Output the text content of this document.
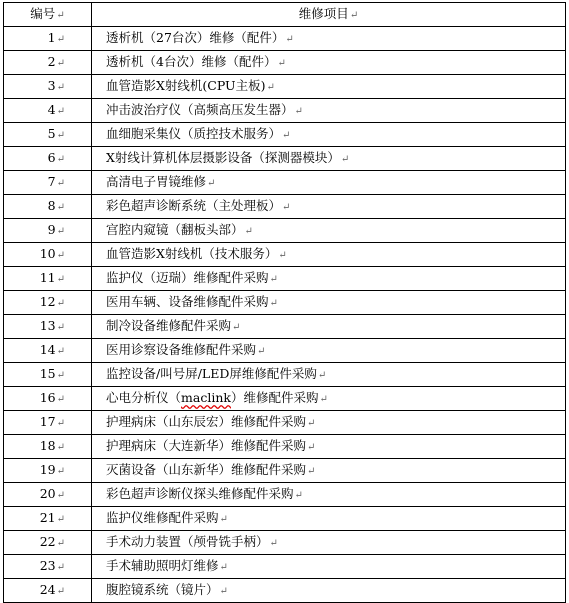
编号↵	维修项目↵
1↵	透析机（27台次）维修（配件）↵
2↵	透析机（4台次）维修（配件）↵
3↵	血管造影X射线机(CPU主板)↵
4↵	冲击波治疗仪（高频高压发生器）↵
5↵	血细胞采集仪（质控技术服务）↵
6↵	X射线计算机体层摄影设备（探测器模块）↵
7↵	高清电子胃镜维修↵
8↵	彩色超声诊断系统（主处理板）↵
9↵	宫腔内窥镜（翻板头部）↵
10↵	血管造影X射线机（技术服务）↵
11↵	监护仪（迈瑞）维修配件采购↵
12↵	医用车辆、设备维修配件采购↵
13↵	制冷设备维修配件采购↵
14↵	医用诊察设备维修配件采购↵
15↵	监控设备/叫号屏/LED屏维修配件采购↵
16↵	心电分析仪（maclink）维修配件采购↵
17↵	护理病床（山东辰宏）维修配件采购↵
18↵	护理病床（大连新华）维修配件采购↵
19↵	灭菌设备（山东新华）维修配件采购↵
20↵	彩色超声诊断仪探头维修配件采购↵
21↵	监护仪维修配件采购↵
22↵	手术动力装置（颅骨铣手柄）↵
23↵	手术辅助照明灯维修↵
24↵	腹腔镜系统（镜片）↵
